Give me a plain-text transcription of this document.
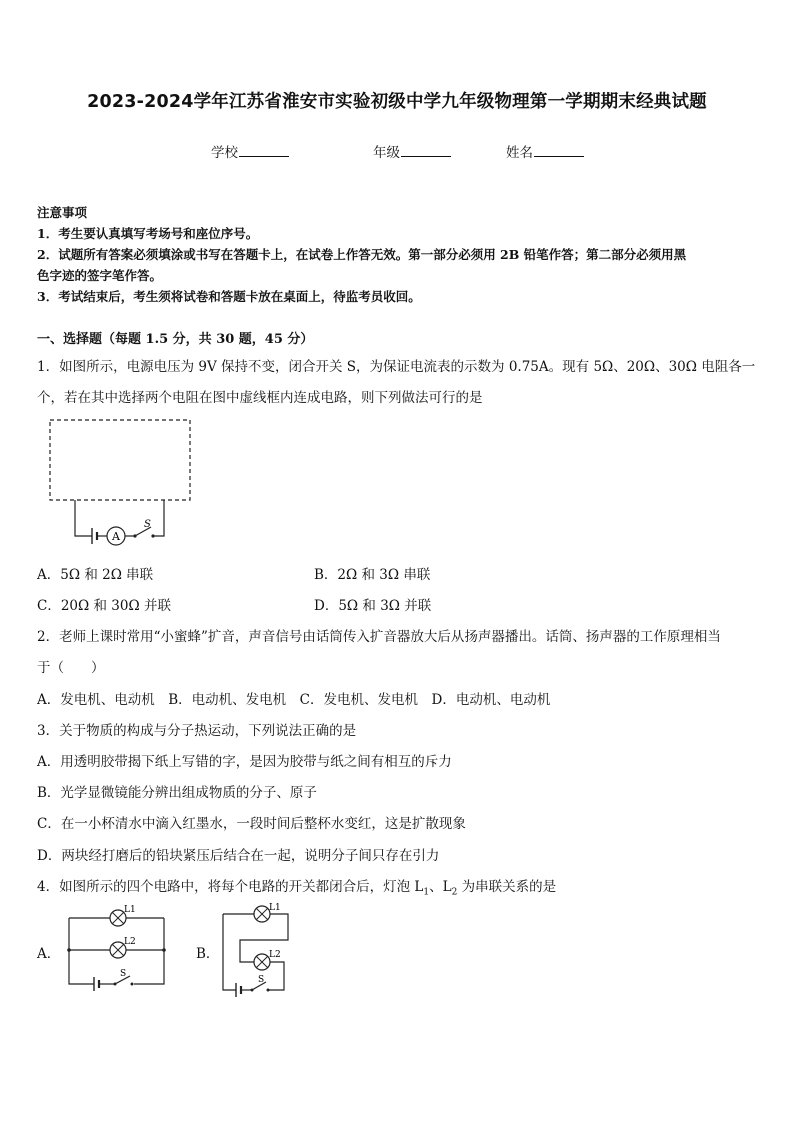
2023-2024学年江苏省淮安市实验初级中学九年级物理第一学期期末经典试题
学校	年级	姓名
注意事项
1．考生要认真填写考场号和座位序号。
2．试题所有答案必须填涂或书写在答题卡上，在试卷上作答无效。第一部分必须用 2B 铅笔作答；第二部分必须用黑
色字迹的签字笔作答。
3．考试结束后，考生须将试卷和答题卡放在桌面上，待监考员收回。
一、选择题（每题 1.5 分，共 30 题，45 分）
1．如图所示，电源电压为 9V 保持不变，闭合开关 S，为保证电流表的示数为 0.75A。现有 5Ω、20Ω、30Ω 电阻各一
个，若在其中选择两个电阻在图中虚线框内连成电路，则下列做法可行的是
A
S
A．5Ω 和 2Ω 串联	B．2Ω 和 3Ω 串联
C．20Ω 和 30Ω 并联	D．5Ω 和 3Ω 并联
2．老师上课时常用“小蜜蜂”扩音，声音信号由话筒传入扩音器放大后从扬声器播出。话筒、扬声器的工作原理相当
于（　　）
A．发电机、电动机　B．电动机、发电机　C．发电机、发电机　D．电动机、电动机
3．关于物质的构成与分子热运动，下列说法正确的是
A．用透明胶带揭下纸上写错的字，是因为胶带与纸之间有相互的斥力
B．光学显微镜能分辨出组成物质的分子、原子
C．在一小杯清水中滴入红墨水，一段时间后整杯水变红，这是扩散现象
D．两块经打磨后的铅块紧压后结合在一起，说明分子间只存在引力
4．如图所示的四个电路中，将每个电路的开关都闭合后，灯泡 $L_1$、$L_2$ 为串联关系的是
A．
L1
L2
S
B．
L1
L2
S
